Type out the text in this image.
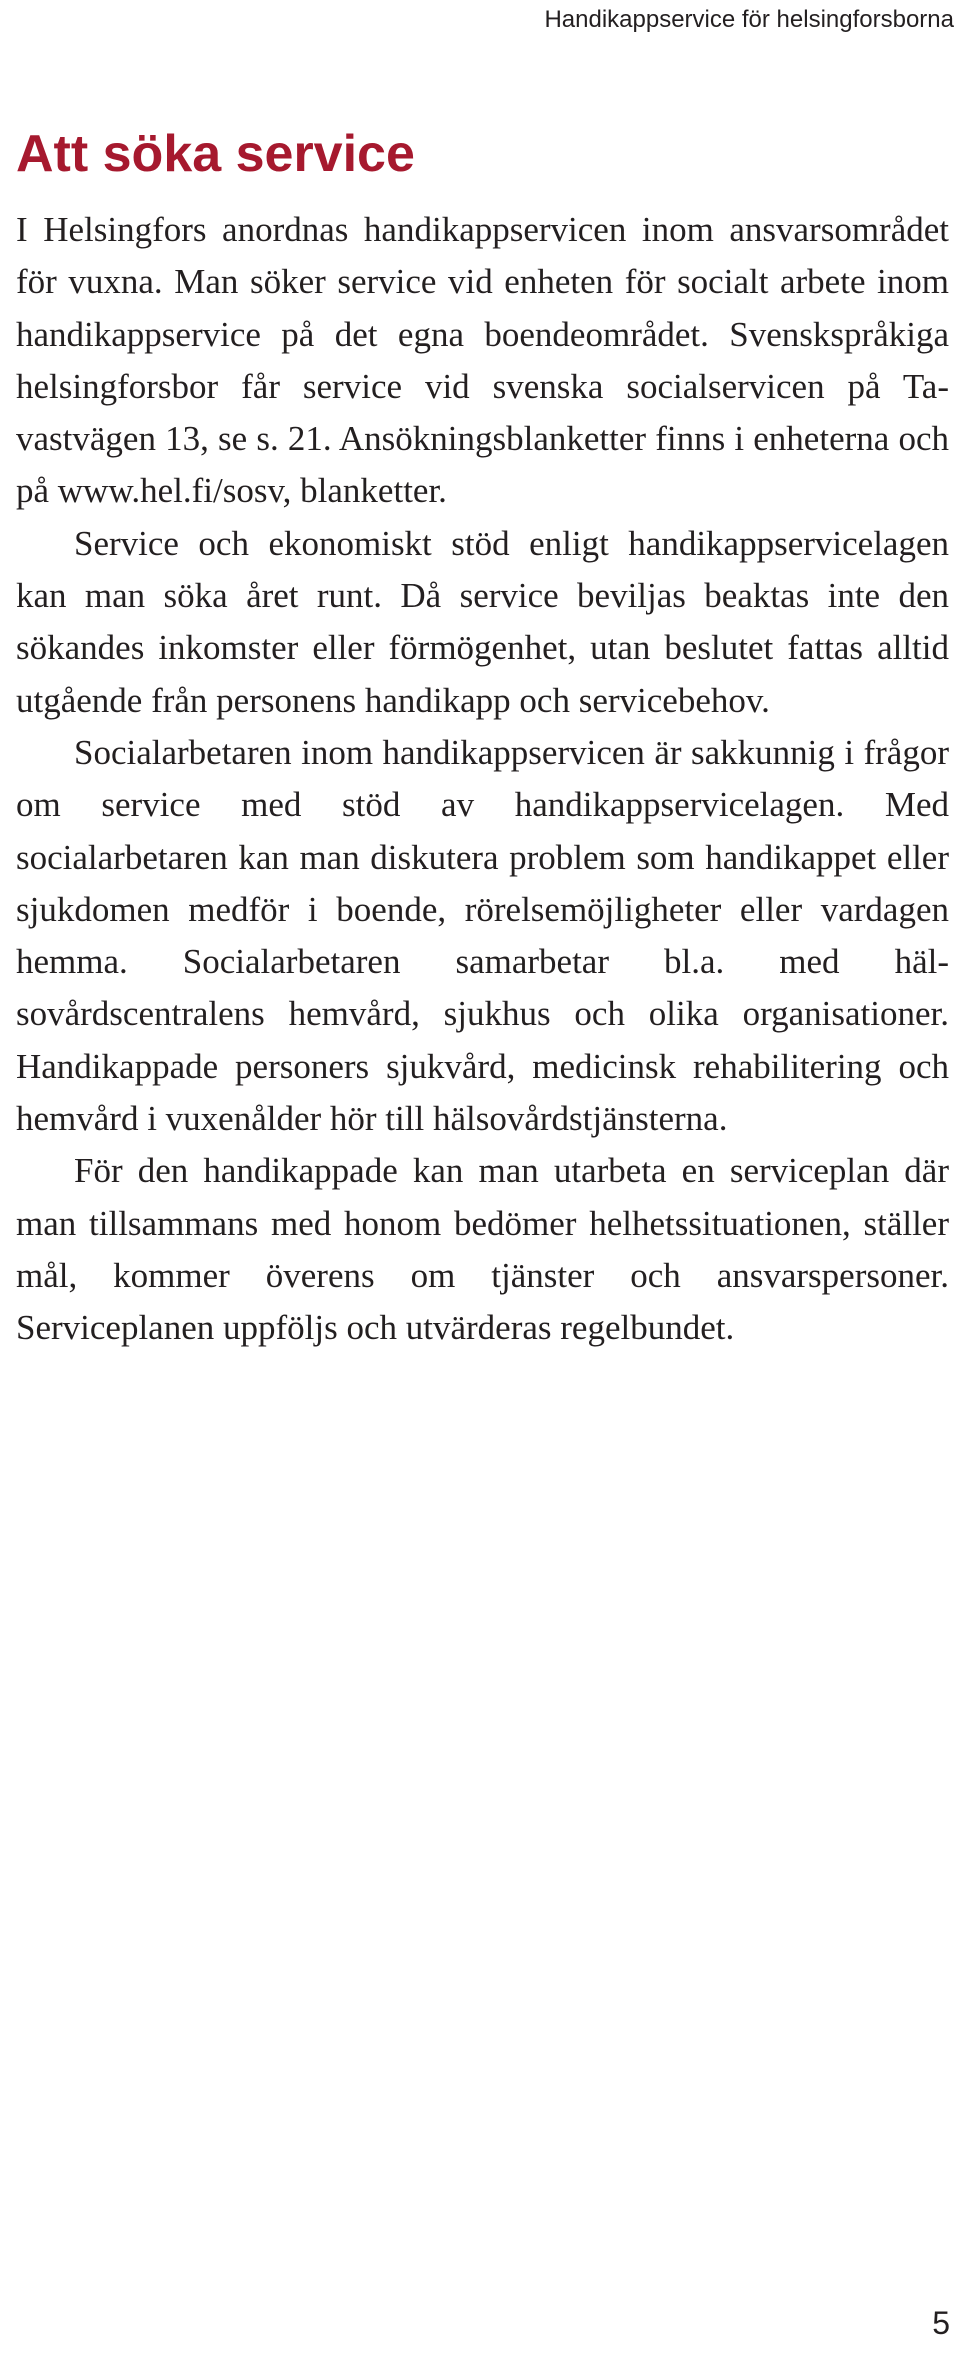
Handikappservice för helsingforsborna
Att söka service

I Helsingfors anordnas handikappservicen inom ansvarsområdet för vuxna. Man söker service vid enheten för socialt arbete inom handikappservice på det egna boendeområdet. Svenskspråkiga helsingforsbor får service vid svenska socialservicen på Tavastvägen 13, se s. 21. Ansökningsblanketter finns i enheterna och på www.hel.fi/sosv, blanketter.

Service och ekonomiskt stöd enligt handikappservicelagen kan man söka året runt. Då service beviljas beaktas inte den sökandes inkomster eller förmögenhet, utan beslutet fattas alltid utgående från personens handikapp och servicebehov.

Socialarbetaren inom handikappservicen är sakkunnig i frågor om service med stöd av handikappservicelagen. Med socialarbetaren kan man diskutera problem som handikappet eller sjukdomen medför i boende, rörelsemöjligheter eller vardagen hemma. Socialarbetaren samarbetar bl.a. med hälsovårdscentralens hemvård, sjukhus och olika organisationer. Handikappade personers sjukvård, medicinsk rehabilitering och hemvård i vuxenålder hör till hälsovårdstjänsterna.

För den handikappade kan man utarbeta en serviceplan där man tillsammans med honom bedömer helhetssituationen, ställer mål, kommer överens om tjänster och ansvarspersoner. Serviceplanen uppföljs och utvärderas regelbundet.

5
